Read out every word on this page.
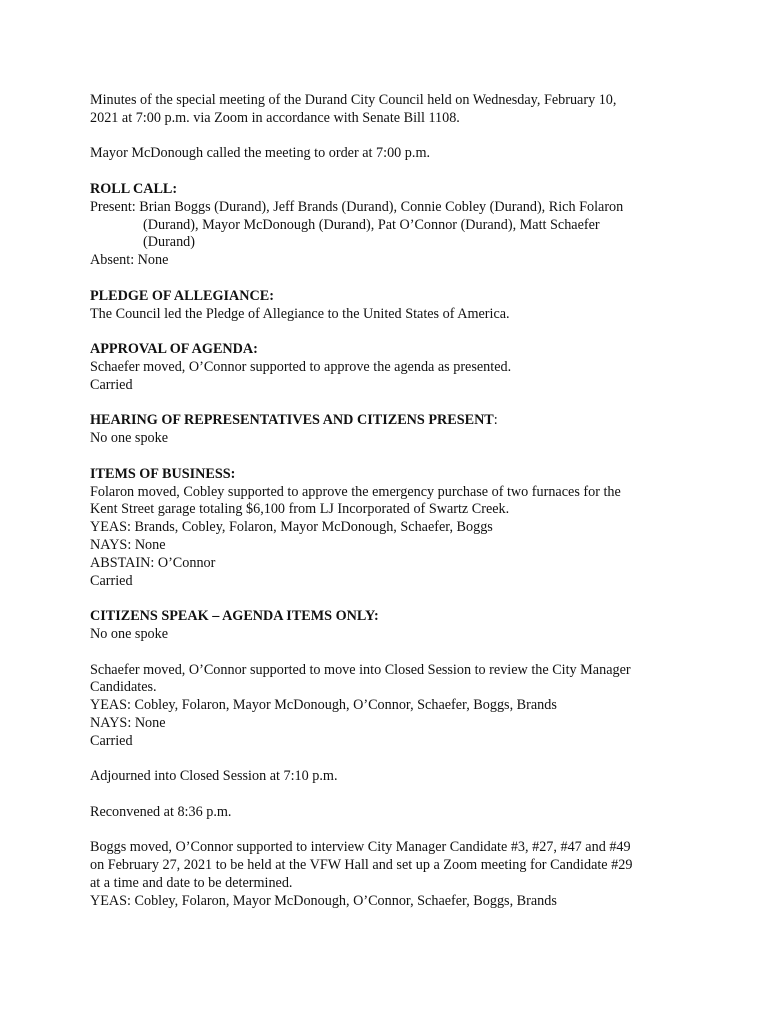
Minutes of the special meeting of the Durand City Council held on Wednesday, February 10,
2021 at 7:00 p.m. via Zoom in accordance with Senate Bill 1108.
Mayor McDonough called the meeting to order at 7:00 p.m.
ROLL CALL:
Present: Brian Boggs (Durand), Jeff Brands (Durand), Connie Cobley (Durand), Rich Folaron
(Durand), Mayor McDonough (Durand), Pat O’Connor (Durand), Matt Schaefer
(Durand)
Absent: None
PLEDGE OF ALLEGIANCE:
The Council led the Pledge of Allegiance to the United States of America.
APPROVAL OF AGENDA:
Schaefer moved, O’Connor supported to approve the agenda as presented.
Carried
HEARING OF REPRESENTATIVES AND CITIZENS PRESENT:
No one spoke
ITEMS OF BUSINESS:
Folaron moved, Cobley supported to approve the emergency purchase of two furnaces for the
Kent Street garage totaling $6,100 from LJ Incorporated of Swartz Creek.
YEAS: Brands, Cobley, Folaron, Mayor McDonough, Schaefer, Boggs
NAYS: None
ABSTAIN: O’Connor
Carried
CITIZENS SPEAK – AGENDA ITEMS ONLY:
No one spoke
Schaefer moved, O’Connor supported to move into Closed Session to review the City Manager
Candidates.
YEAS: Cobley, Folaron, Mayor McDonough, O’Connor, Schaefer, Boggs, Brands
NAYS: None
Carried
Adjourned into Closed Session at 7:10 p.m.
Reconvened at 8:36 p.m.
Boggs moved, O’Connor supported to interview City Manager Candidate #3, #27, #47 and #49
on February 27, 2021 to be held at the VFW Hall and set up a Zoom meeting for Candidate #29
at a time and date to be determined.
YEAS: Cobley, Folaron, Mayor McDonough, O’Connor, Schaefer, Boggs, Brands
